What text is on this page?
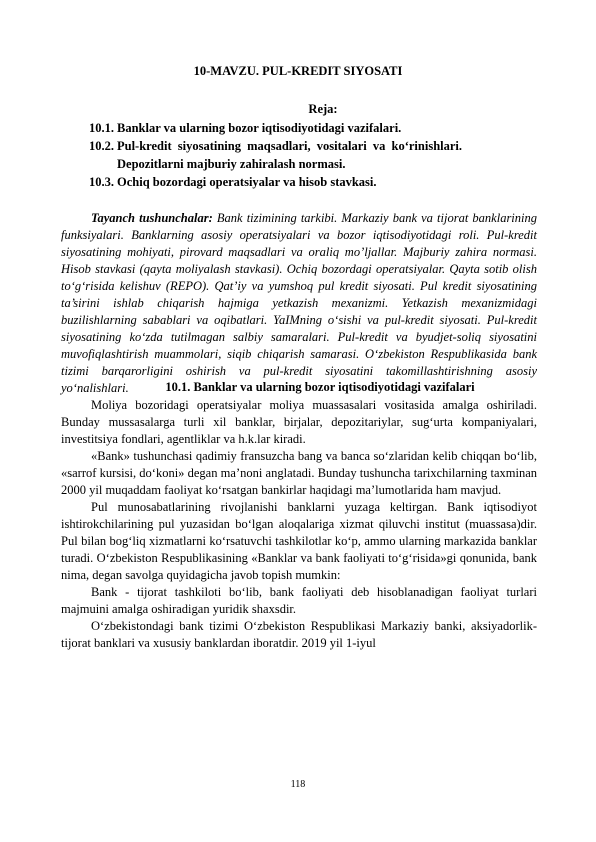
10-MAVZU. PUL-KREDIT SIYOSATI
Reja:
10.1. Banklar va ularning bozor iqtisodiyotidagi vazifalari.
10.2. Pul-kredit siyosatining maqsadlari, vositalari va ko‘rinishlari.
Depozitlarni majburiy zahiralash normasi.
10.3. Ochiq bozordagi operatsiyalar va hisob stavkasi.

Tayanch tushunchalar: Bank tizimining tarkibi. Markaziy bank va tijorat banklarining funksiyalari. Banklarning asosiy operatsiyalari va bozor iqtisodiyotidagi roli. Pul-kredit siyosatining mohiyati, pirovard maqsadlari va oraliq mo’ljallar. Majburiy zahira normasi. Hisob stavkasi (qayta moliyalash stavkasi). Ochiq bozordagi operatsiyalar. Qayta sotib olish to‘g‘risida kelishuv (REPO). Qat’iy va yumshoq pul kredit siyosati. Pul kredit siyosatining ta’sirini ishlab chiqarish hajmiga yetkazish mexanizmi. Yetkazish mexanizmidagi buzilishlarning sabablari va oqibatlari. YaIMning o‘sishi va pul-kredit siyosati. Pul-kredit siyosatining ko‘zda tutilmagan salbiy samaralari. Pul-kredit va byudjet-soliq siyosatini muvofiqlashtirish muammolari, siqib chiqarish samarasi. O‘zbekiston Respublikasida bank tizimi barqarorligini oshirish va pul-kredit siyosatini takomillashtirishning asosiy yo‘nalishlari.	10.1. Banklar va ularning bozor iqtisodiyotidagi vazifalari

Moliya bozoridagi operatsiyalar moliya muassasalari vositasida amalga oshiriladi. Bunday mussasalarga turli xil banklar, birjalar, depozitariylar, sug‘urta kompaniyalari, investitsiya fondlari, agentliklar va h.k.lar kiradi.

«Bank» tushunchasi qadimiy fransuzcha bang va banca so‘zlaridan kelib chiqqan bo‘lib, «sarrof kursisi, do‘koni» degan ma’noni anglatadi. Bunday tushuncha tarixchilarning taxminan 2000 yil muqaddam faoliyat ko‘rsatgan bankirlar haqidagi ma’lumotlarida ham mavjud.

Pul munosabatlarining rivojlanishi banklarni yuzaga keltirgan. Bank iqtisodiyot ishtirokchilarining pul yuzasidan bo‘lgan aloqalariga xizmat qiluvchi institut (muassasa)dir. Pul bilan bog‘liq xizmatlarni ko‘rsatuvchi tashkilotlar ko‘p, ammo ularning markazida banklar turadi. O‘zbekiston Respublikasining «Banklar va bank faoliyati to‘g‘risida»gi qonunida, bank nima, degan savolga quyidagicha javob topish mumkin:

Bank - tijorat tashkiloti bo‘lib, bank faoliyati deb hisoblanadigan faoliyat turlari majmuini amalga oshiradigan yuridik shaxsdir.

O‘zbekistondagi bank tizimi O‘zbekiston Respublikasi Markaziy banki, aksiyadorlik-tijorat banklari va xususiy banklardan iboratdir. 2019 yil 1-iyul

118
